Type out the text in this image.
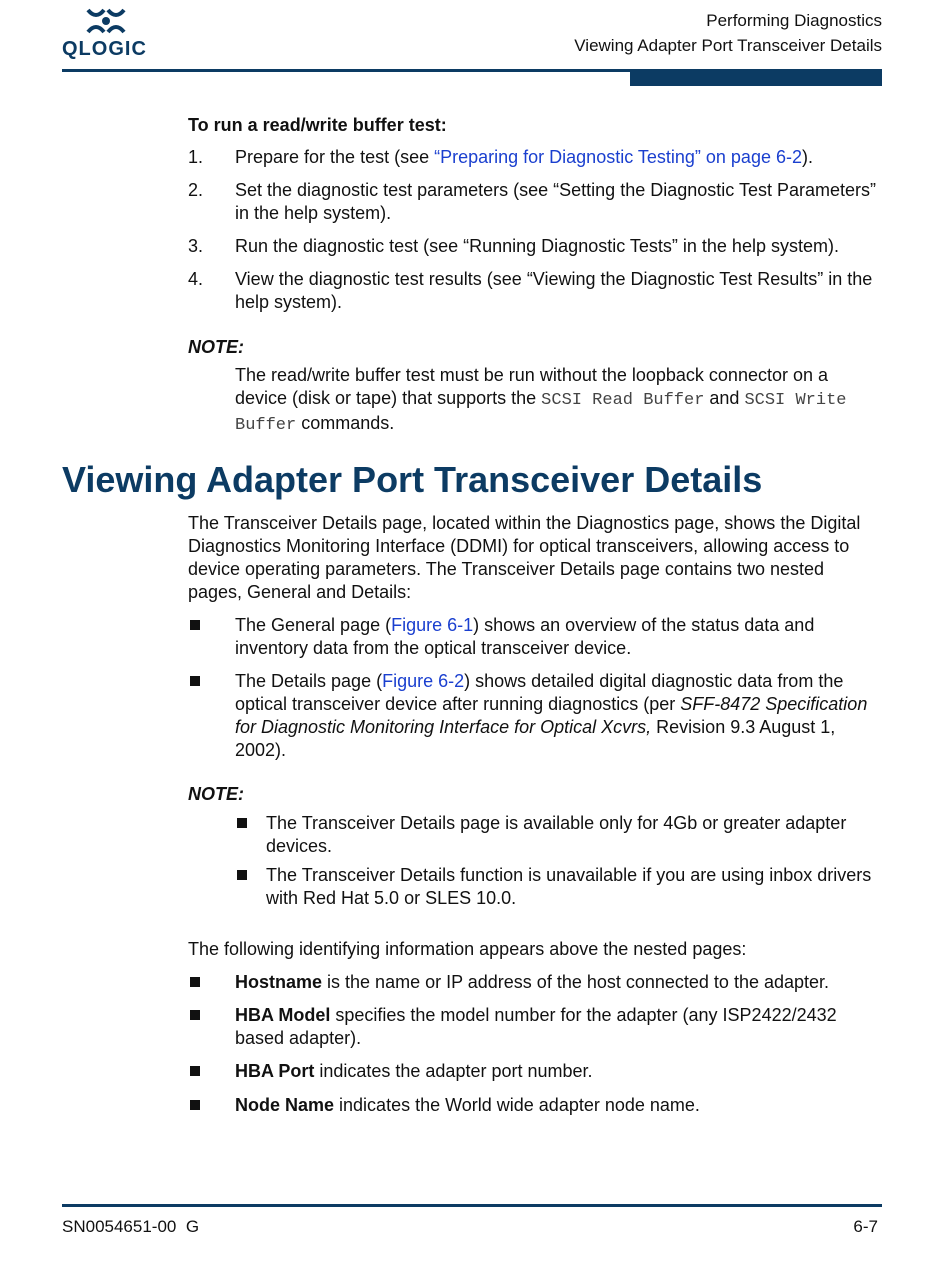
QLOGIC
Performing Diagnostics
Viewing Adapter Port Transceiver Details
To run a read/write buffer test:
1. Prepare for the test (see “Preparing for Diagnostic Testing” on page 6-2).
2. Set the diagnostic test parameters (see “Setting the Diagnostic Test Parameters” in the help system).
3. Run the diagnostic test (see “Running Diagnostic Tests” in the help system).
4. View the diagnostic test results (see “Viewing the Diagnostic Test Results” in the help system).
NOTE:
The read/write buffer test must be run without the loopback connector on a device (disk or tape) that supports the SCSI Read Buffer and SCSI Write Buffer commands.
Viewing Adapter Port Transceiver Details
The Transceiver Details page, located within the Diagnostics page, shows the Digital Diagnostics Monitoring Interface (DDMI) for optical transceivers, allowing access to device operating parameters. The Transceiver Details page contains two nested pages, General and Details:
The General page (Figure 6-1) shows an overview of the status data and inventory data from the optical transceiver device.
The Details page (Figure 6-2) shows detailed digital diagnostic data from the optical transceiver device after running diagnostics (per SFF-8472 Specification for Diagnostic Monitoring Interface for Optical Xcvrs, Revision 9.3 August 1, 2002).
NOTE:
The Transceiver Details page is available only for 4Gb or greater adapter devices.
The Transceiver Details function is unavailable if you are using inbox drivers with Red Hat 5.0 or SLES 10.0.
The following identifying information appears above the nested pages:
Hostname is the name or IP address of the host connected to the adapter.
HBA Model specifies the model number for the adapter (any ISP2422/2432 based adapter).
HBA Port indicates the adapter port number.
Node Name indicates the World wide adapter node name.
SN0054651-00  G	6-7
